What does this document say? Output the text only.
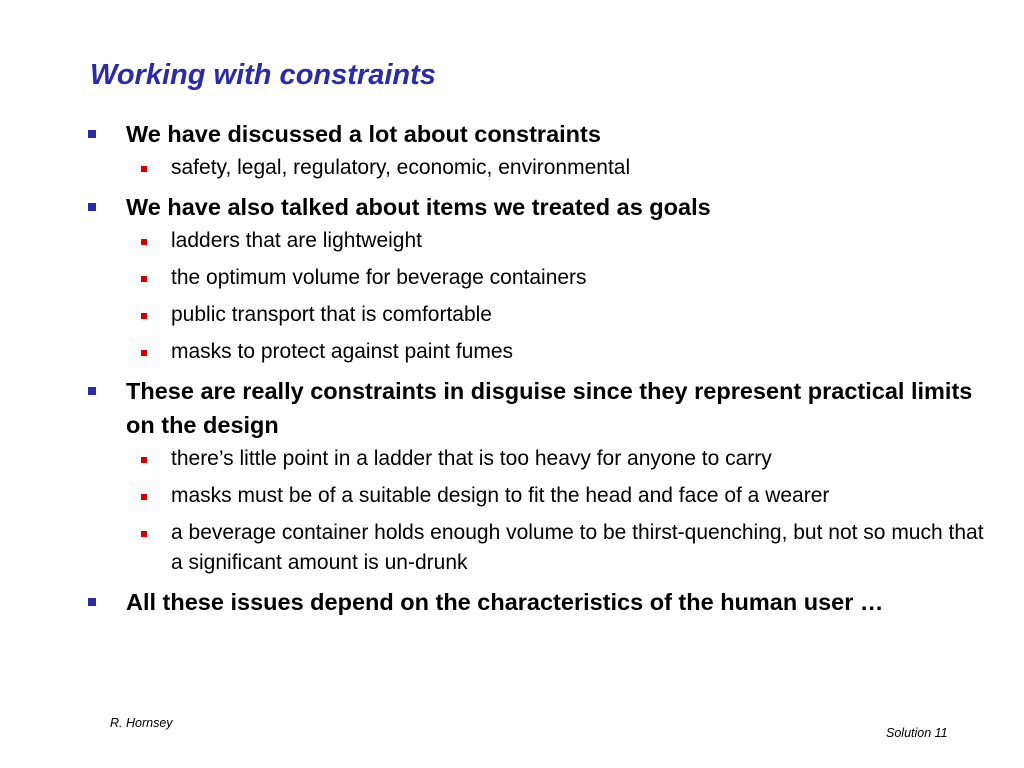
Working with constraints
We have discussed a lot about constraints
safety, legal, regulatory, economic, environmental
We have also talked about items we treated as goals
ladders that are lightweight
the optimum volume for beverage containers
public transport that is comfortable
masks to protect against paint fumes
These are really constraints in disguise since they represent practical limits on the design
there’s little point in a ladder that is too heavy for anyone to carry
masks must be of a suitable design to fit the head and face of a wearer
a beverage container holds enough volume to be thirst-quenching, but not so much that a significant amount is un-drunk
All these issues depend on the characteristics of the human user …
R. Hornsey
Solution 11
